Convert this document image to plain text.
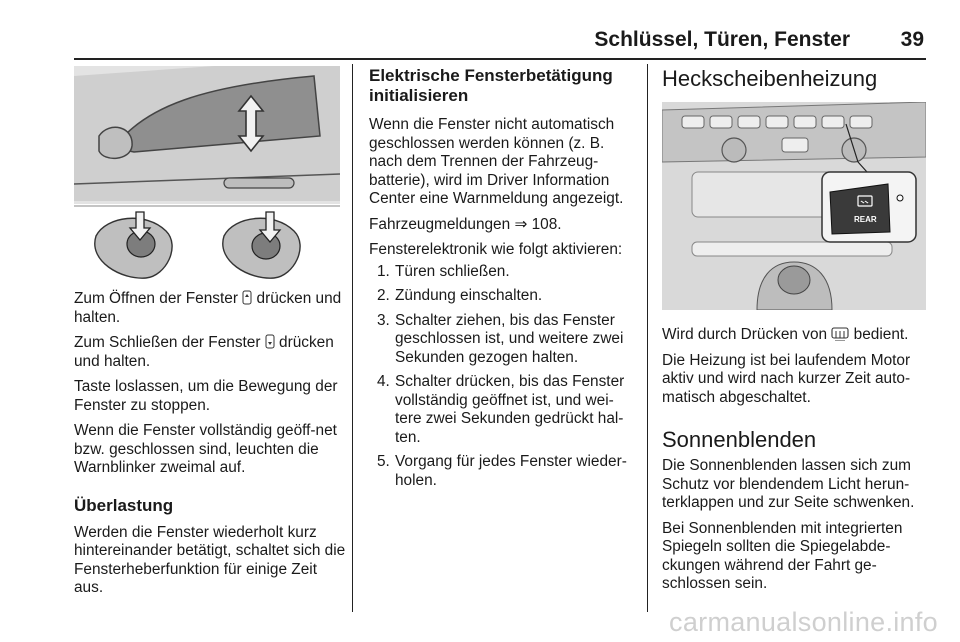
Schlüssel, Türen, Fenster 39

Zum Öffnen der Fenster drücken und halten.

Zum Schließen der Fenster drücken und halten.

Taste loslassen, um die Bewegung der Fenster zu stoppen.

Wenn die Fenster vollständig geöff-net bzw. geschlossen sind, leuchten die Warnblinker zweimal auf.

Überlastung

Werden die Fenster wiederholt kurz hintereinander betätigt, schaltet sich die Fensterheberfunktion für einige Zeit aus.

Elektrische Fensterbetätigung initialisieren

Wenn die Fenster nicht automatisch geschlossen werden können (z. B. nach dem Trennen der Fahrzeug-batterie), wird im Driver Information Center eine Warnmeldung angezeigt.

Fahrzeugmeldungen ⇒ 108.

Fensterelektronik wie folgt aktivieren:

1. Türen schließen.
2. Zündung einschalten.
3. Schalter ziehen, bis das Fenster geschlossen ist, und weitere zwei Sekunden gezogen halten.
4. Schalter drücken, bis das Fenster vollständig geöffnet ist, und wei-tere zwei Sekunden gedrückt hal-ten.
5. Vorgang für jedes Fenster wieder-holen.
Heckscheibenheizung
REAR

Wird durch Drücken von bedient.

Die Heizung ist bei laufendem Motor aktiv und wird nach kurzer Zeit auto-matisch abgeschaltet.

Sonnenblenden

Die Sonnenblenden lassen sich zum Schutz vor blendendem Licht herun-terklappen und zur Seite schwenken.

Bei Sonnenblenden mit integrierten Spiegeln sollten die Spiegelabde-ckungen während der Fahrt ge-schlossen sein.

carmanualsonline.info
